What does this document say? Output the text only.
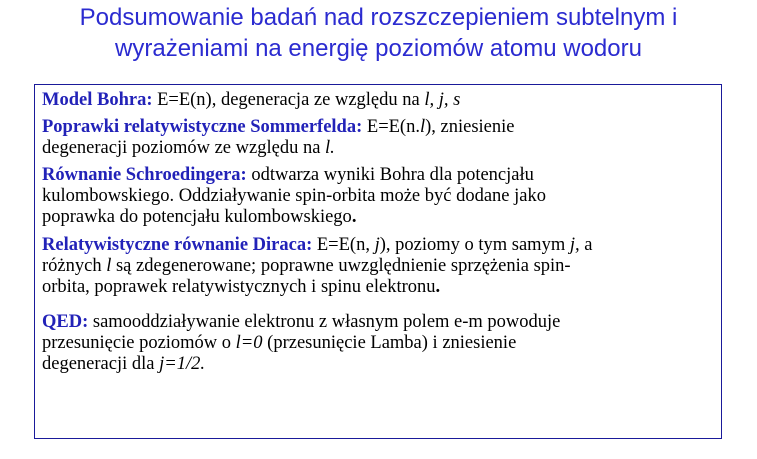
Podsumowanie badań nad rozszczepieniem subtelnym i
wyrażeniami na energię poziomów atomu wodoru
Model Bohra: E=E(n), degeneracja ze względu na l, j, s
Poprawki relatywistyczne Sommerfelda: E=E(n.l), zniesienie
degeneracji poziomów ze względu na l.
Równanie Schroedingera: odtwarza wyniki Bohra dla potencjału
kulombowskiego. Oddziaływanie spin-orbita może być dodane jako
poprawka do potencjału kulombowskiego.
Relatywistyczne równanie Diraca: E=E(n, j), poziomy o tym samym j, a
różnych l są zdegenerowane; poprawne uwzględnienie sprzężenia spin-
orbita, poprawek relatywistycznych i spinu elektronu.
QED: samooddziaływanie elektronu z własnym polem e-m powoduje
przesunięcie poziomów o l=0 (przesunięcie Lamba) i zniesienie
degeneracji dla j=1/2.
